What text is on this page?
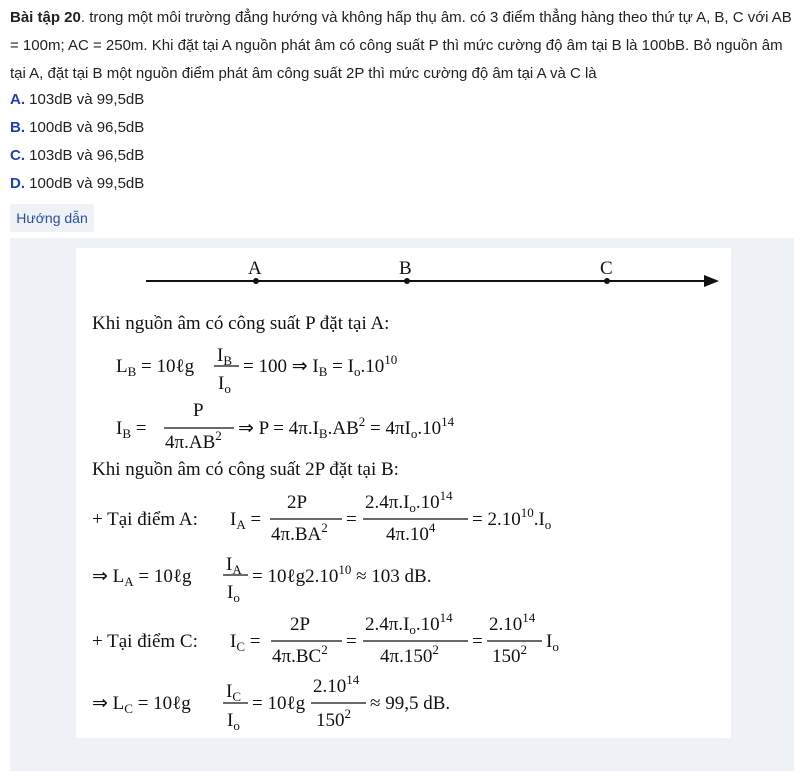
Bài tập 20. trong một môi trường đẳng hướng và không hấp thụ âm. có 3 điểm thẳng hàng theo thứ tự A, B, C với AB = 100m; AC = 250m. Khi đặt tại A nguồn phát âm có công suất P thì mức cường độ âm tại B là 100bB. Bỏ nguồn âm tại A, đặt tại B một nguồn điểm phát âm công suất 2P thì mức cường độ âm tại A và C là
A. 103dB và 99,5dB
B. 100dB và 96,5dB
C. 103dB và 96,5dB
D. 100dB và 99,5dB
Hướng dẫn
A	B	C
Khi nguồn âm có công suất P đặt tại A:
$L_B$ = 10ℓg
$I_B$
$I_o$
= 100 ⇒ $I_B = I_o.10^{10}$
$I_B$ =
P
$4\pi.AB^2$ ⇒ $P = 4\pi.I_B.AB^2 = 4\pi I_o.10^{14}$
Khi nguồn âm có công suất 2P đặt tại B:
+ Tại điểm A: $I_A$ =
2P
$4\pi.BA^2$ =
$2.4\pi.I_o.10^{14}$
$4\pi.10^4 = 2.10^{10}.I_o$
⇒ $L_A$ = 10ℓg
$I_A$
$I_o$
= $10\ell g2.10^{10} \approx 103$ dB.
+ Tại điểm C: $I_C$ =
2P
$4\pi.BC^2$ =
$2.4\pi.I_o.10^{14}$
$4\pi.150^2$ =
$2.10^{14}$
$150^2$ $I_o$
⇒ $L_C$ = 10ℓg
$I_C$
$I_o$
= 10ℓg
2.10$^{14}$
$150^2 \approx 99,5$ dB.
